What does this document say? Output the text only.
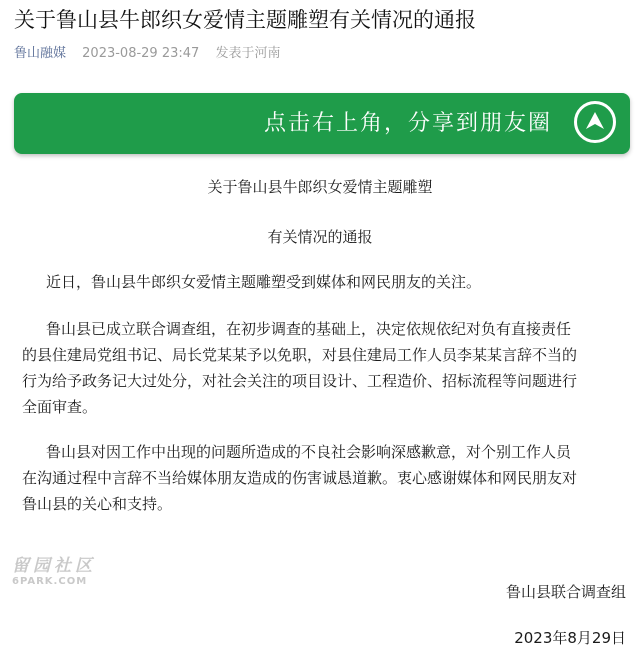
关于鲁山县牛郎织女爱情主题雕塑有关情况的通报
鲁山融媒 2023-08-29 23:47 发表于河南
点击右上角，分享到朋友圈
关于鲁山县牛郎织女爱情主题雕塑
有关情况的通报
近日，鲁山县牛郎织女爱情主题雕塑受到媒体和网民朋友的关注。
鲁山县已成立联合调查组，在初步调查的基础上，决定依规依纪对负有直接责任
的县住建局党组书记、局长党某某予以免职，对县住建局工作人员李某某言辞不当的
行为给予政务记大过处分，对社会关注的项目设计、工程造价、招标流程等问题进行
全面审查。
鲁山县对因工作中出现的问题所造成的不良社会影响深感歉意，对个别工作人员
在沟通过程中言辞不当给媒体朋友造成的伤害诚恳道歉。衷心感谢媒体和网民朋友对
鲁山县的关心和支持。
留园社区
6PARK.COM
鲁山县联合调查组
2023年8月29日
